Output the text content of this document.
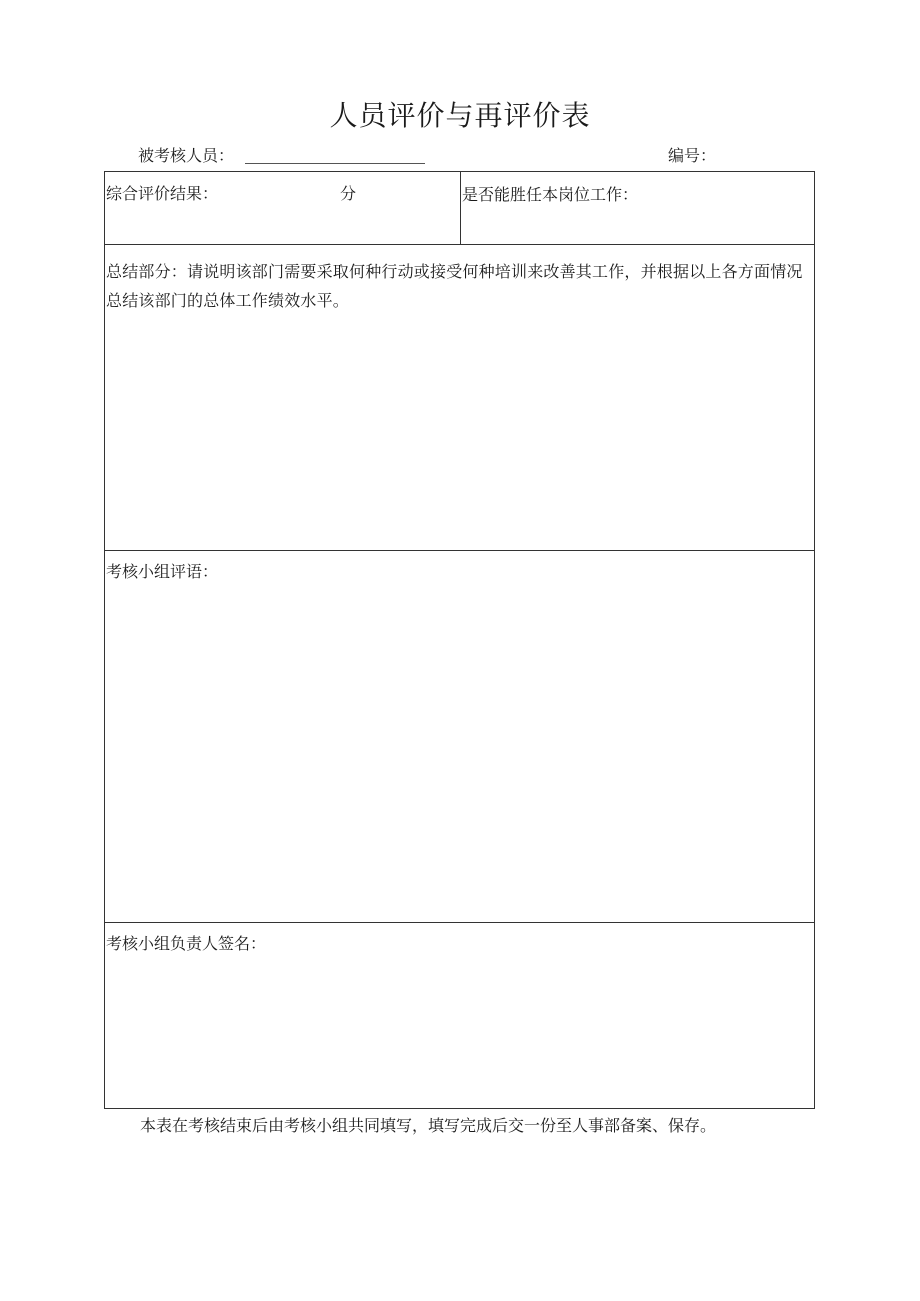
人员评价与再评价表
被考核人员：	编号：
综合评价结果：	分	是否能胜任本岗位工作：
总结部分：请说明该部门需要采取何种行动或接受何种培训来改善其工作，并根据以上各方面情况总结该部门的总体工作绩效水平。
考核小组评语：
考核小组负责人签名：
本表在考核结束后由考核小组共同填写，填写完成后交一份至人事部备案、保存。
